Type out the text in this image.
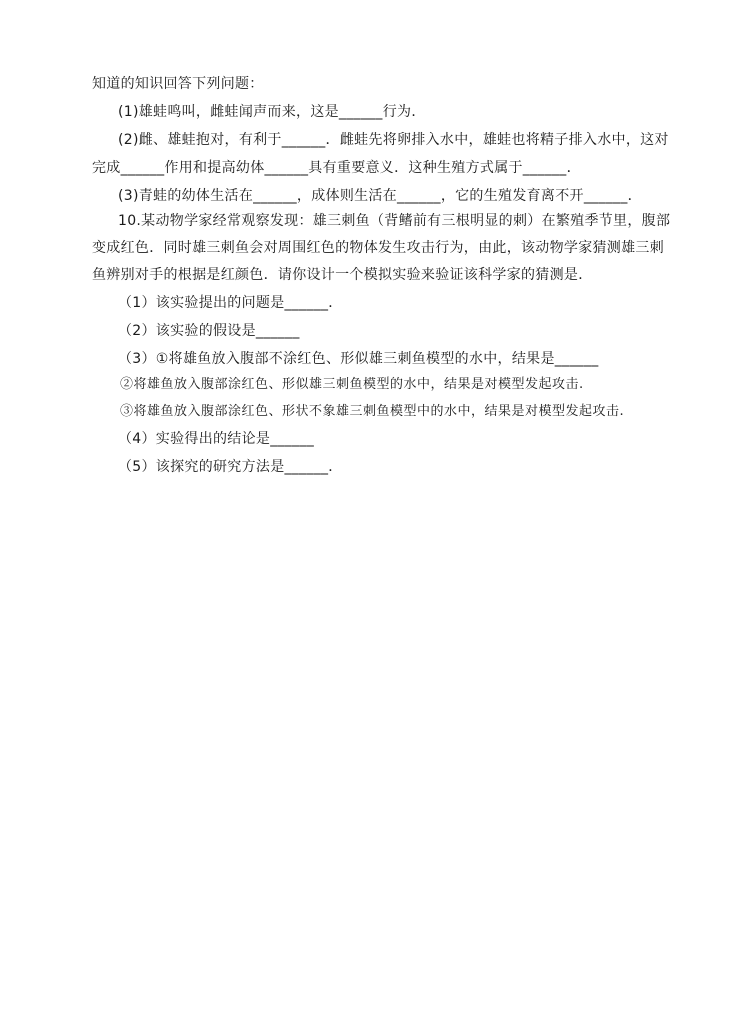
知道的知识回答下列问题：
(1)雄蛙鸣叫，雌蛙闻声而来，这是______行为．
(2)雌、雄蛙抱对，有利于______．雌蛙先将卵排入水中，雄蛙也将精子排入水中，这对
完成______作用和提高幼体______具有重要意义．这种生殖方式属于______．
(3)青蛙的幼体生活在______，成体则生活在______，它的生殖发育离不开______．
10.某动物学家经常观察发现：雄三刺鱼（背鳍前有三根明显的刺）在繁殖季节里，腹部
变成红色．同时雄三刺鱼会对周围红色的物体发生攻击行为，由此，该动物学家猜测雄三刺
鱼辨别对手的根据是红颜色．请你设计一个模拟实验来验证该科学家的猜测是．
（1）该实验提出的问题是______．
（2）该实验的假设是______
（3）①将雄鱼放入腹部不涂红色、形似雄三刺鱼模型的水中，结果是______
②将雄鱼放入腹部涂红色、形似雄三刺鱼模型的水中，结果是对模型发起攻击.
③将雄鱼放入腹部涂红色、形状不象雄三刺鱼模型中的水中，结果是对模型发起攻击.
（4）实验得出的结论是______
（5）该探究的研究方法是______．
